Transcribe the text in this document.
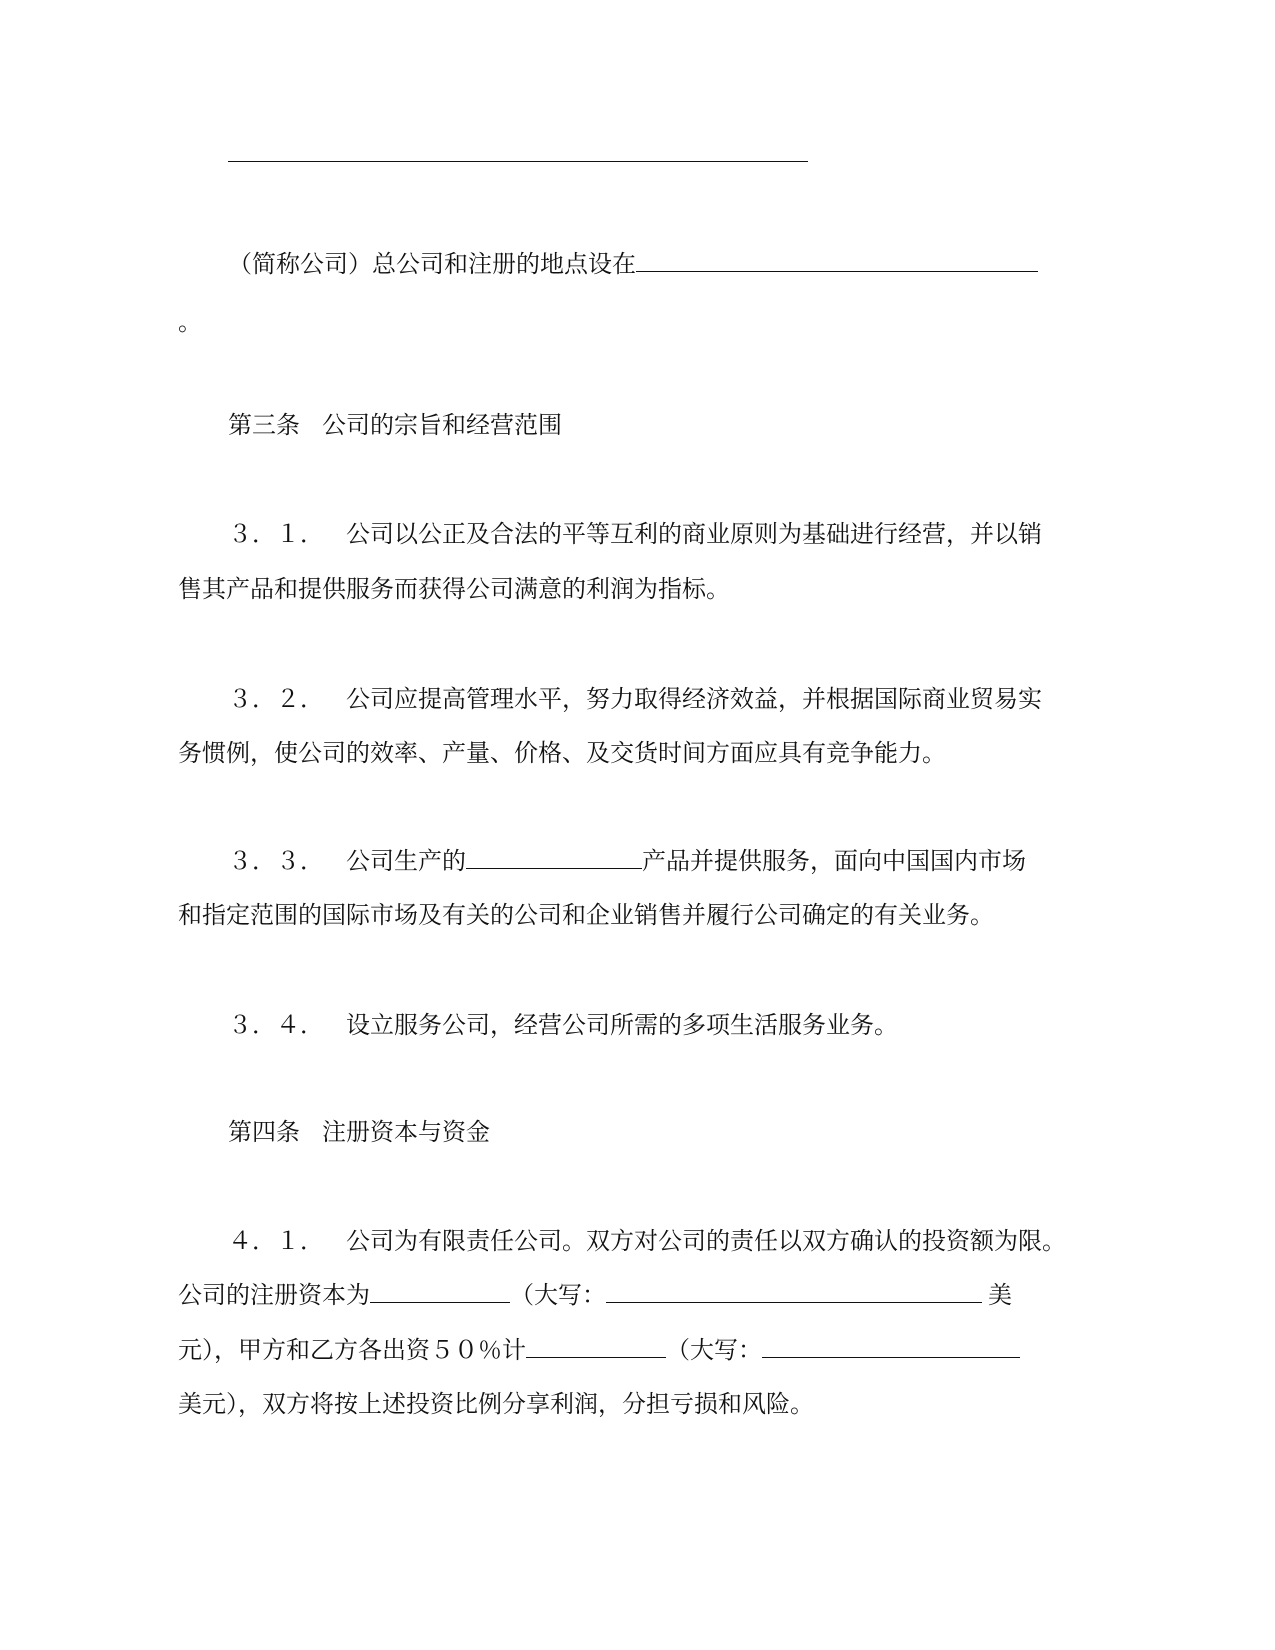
（简称公司）总公司和注册的地点设在
。
第三条 公司的宗旨和经营范围
３．１． 公司以公正及合法的平等互利的商业原则为基础进行经营，并以销
售其产品和提供服务而获得公司满意的利润为指标。
３．２． 公司应提高管理水平，努力取得经济效益，并根据国际商业贸易实
务惯例，使公司的效率、产量、价格、及交货时间方面应具有竞争能力。
３．３． 公司生产的	产品并提供服务，面向中国国内市场
和指定范围的国际市场及有关的公司和企业销售并履行公司确定的有关业务。
３．４． 设立服务公司，经营公司所需的多项生活服务业务。
第四条 注册资本与资金
４．１． 公司为有限责任公司。双方对公司的责任以双方确认的投资额为限。
公司的注册资本为	（大写：	美
元），甲方和乙方各出资５０％计	（大写：
美元），双方将按上述投资比例分享利润，分担亏损和风险。
